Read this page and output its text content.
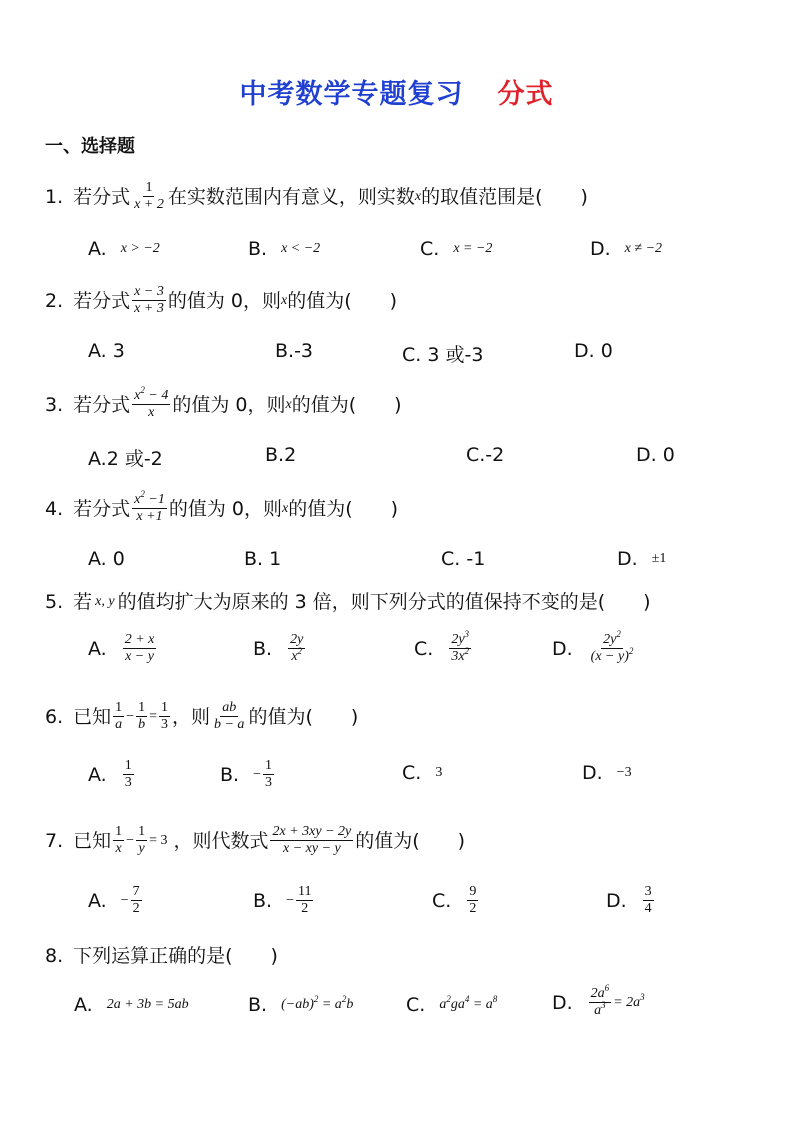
中考数学专题复习 分式
一、选择题
1. 若分式 $\frac{1}{x + 2}$ 在实数范围内有意义，则实数 x 的取值范围是(　　)
A. x > −2	B. x < −2	C. x = −2	D. x ≠ −2
2. 若分式 $\frac{x - 3}{x + 3}$ 的值为 0，则 x 的值为(　　)
A. 3	B.-3	C. 3 或-3	D. 0
3. 若分式 $\frac{x^2 - 4}{x}$ 的值为 0，则 x 的值为(　　)
A.2 或-2	B.2	C.-2	D. 0
4. 若分式 $\frac{x^2 -1}{x +1}$ 的值为 0，则 x 的值为(　　)
A. 0	B. 1	C. -1	D. ±1
5. 若 x, y 的值均扩大为原来的 3 倍，则下列分式的值保持不变的是(　　)
A. $\frac{2 + x}{x - y}$	B. $\frac{2y}{x^2}$	C. $\frac{2y^3}{3x^2}$	D. $\frac{2y^2}{(x - y)^2}$
6. 已知 $\frac{1}{a} - \frac{1}{b} = \frac{1}{3}$ ，则 $\frac{ab}{b - a}$ 的值为(　　)
A. $\frac{1}{3}$	B. − $\frac{1}{3}$	C. 3	D. −3
7. 已知 $\frac{1}{x} - \frac{1}{y} = 3$ ，则代数式 $\frac{2x + 3xy - 2y}{x - xy - y}$ 的值为(　　)
A. − $\frac{7}{2}$	B. − $\frac{11}{2}$	C. $\frac{9}{2}$	D. $\frac{3}{4}$
8. 下列运算正确的是(　　)
A. 2a + 3b = 5ab	B. $(-ab)^2 = a^2b$	C. $a^2ga^4 = a^8$	D. $\frac{2a^6}{a^3} = 2a^3$
